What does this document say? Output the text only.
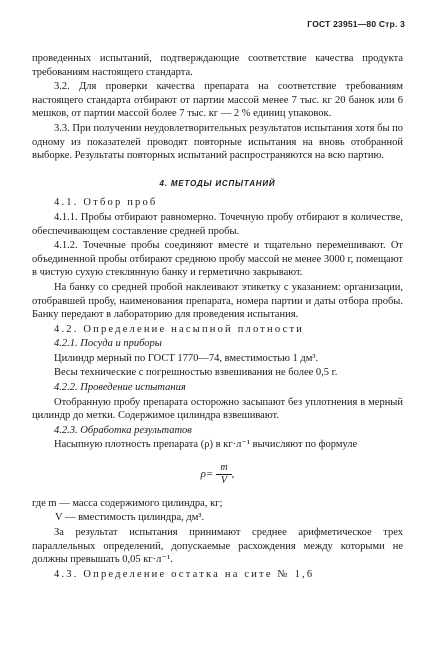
ГОСТ 23951—80 Стр. 3

проведенных испытаний, подтверждающие соответствие качества продукта требованиям настоящего стандарта.

3.2. Для проверки качества препарата на соответствие требованиям настоящего стандарта отбирают от партии массой менее 7 тыс. кг 20 банок или 6 мешков, от партии массой более 7 тыс. кг — 2 % единиц упаковок.

3.3. При получении неудовлетворительных результатов испытания хотя бы по одному из показателей проводят повторные испытания на вновь отобранной выборке. Результаты повторных испытаний распространяются на всю партию.

4. МЕТОДЫ ИСПЫТАНИЙ

4.1. Отбор проб

4.1.1. Пробы отбирают равномерно. Точечную пробу отбирают в количестве, обеспечивающем составление средней пробы.

4.1.2. Точечные пробы соединяют вместе и тщательно перемешивают. От объединенной пробы отбирают среднюю пробу массой не менее 3000 г, помещают в чистую сухую стеклянную банку и герметично закрывают.

На банку со средней пробой наклеивают этикетку с указанием: организации, отобравшей пробу, наименования препарата, номера партии и даты отбора пробы. Банку передают в лабораторию для проведения испытания.

4.2. Определение насыпной плотности

4.2.1. Посуда и приборы

Цилиндр мерный по ГОСТ 1770—74, вместимостью 1 дм³.

Весы технические с погрешностью взвешивания не более 0,5 г.

4.2.2. Проведение испытания

Отобранную пробу препарата осторожно засыпают без уплотнения в мерный цилиндр до метки. Содержимое цилиндра взвешивают.

4.2.3. Обработка результатов

Насыпную плотность препарата (ρ) в кг·л⁻¹ вычисляют по формуле

$\rho= \frac{m}{V}$ ,
где m — масса содержимого цилиндра, кг;
V — вместимость цилиндра, дм³.

За результат испытания принимают среднее арифметическое трех параллельных определений, допускаемые расхождения между которыми не должны превышать 0,05 кг·л⁻¹.

4.3. Определение остатка на сите № 1,6
